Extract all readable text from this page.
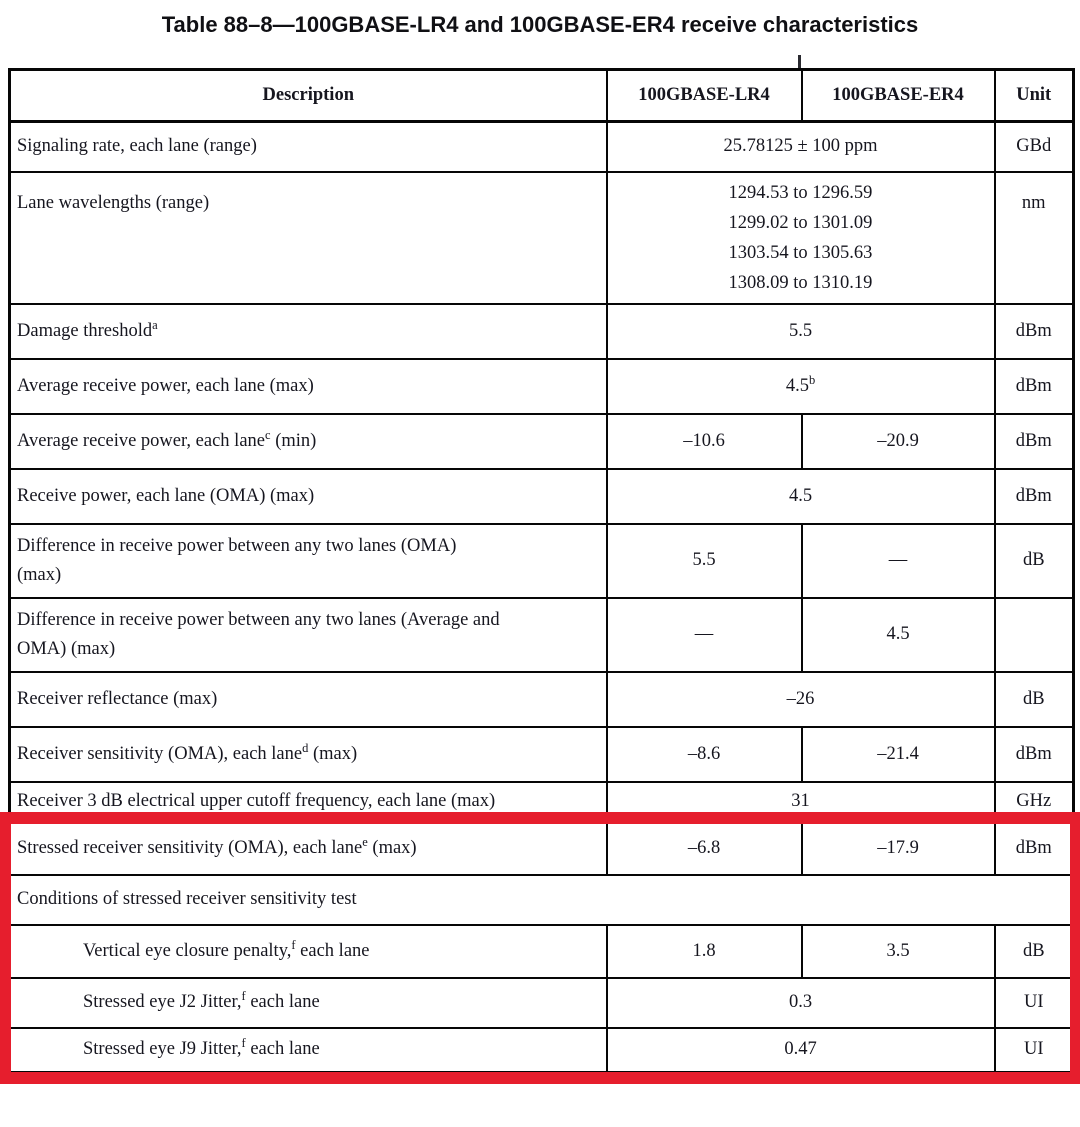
Table 88–8—100GBASE-LR4 and 100GBASE-ER4 receive characteristics
Description	100GBASE-LR4	100GBASE-ER4	Unit
Signaling rate, each lane (range)	25.78125 ± 100 ppm		GBd
Lane wavelengths (range)	1294.53 to 1296.59
1299.02 to 1301.09
1303.54 to 1305.63
1308.09 to 1310.19		nm
Damage threshold$^a$	5.5		dBm
Average receive power, each lane (max)	4.5$^b$		dBm
Average receive power, each lane$^c$ (min)	–10.6	–20.9	dBm
Receive power, each lane (OMA) (max)	4.5		dBm
Difference in receive power between any two lanes (OMA)
(max)	5.5	—	dB
Difference in receive power between any two lanes (Average and
OMA) (max)	—	4.5	
Receiver reflectance (max)	–26		dB
Receiver sensitivity (OMA), each lane$^d$ (max)	–8.6	–21.4	dBm
Receiver 3 dB electrical upper cutoff frequency, each lane (max)	31		GHz
Stressed receiver sensitivity (OMA), each lane$^e$ (max)	–6.8	–17.9	dBm
Conditions of stressed receiver sensitivity test			
Vertical eye closure penalty,$^f$ each lane	1.8	3.5	dB
Stressed eye J2 Jitter,$^f$ each lane	0.3		UI
Stressed eye J9 Jitter,$^f$ each lane	0.47		UI
